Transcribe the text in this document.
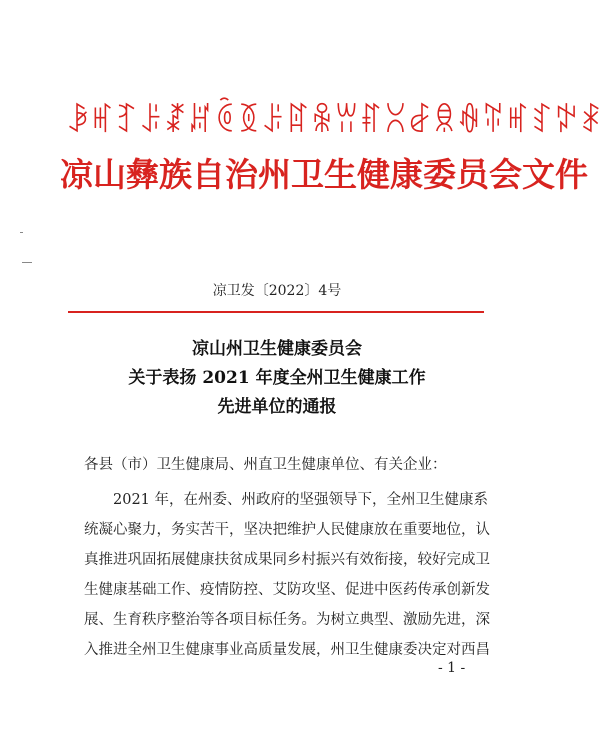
ꆃꎭꆈꌠꊨꏦꏱꅉꌠꍏꆜꀕꐥꇤꆀꌋꊿꄶꎭꆏꉢꑴ
凉山彝族自治州卫生健康委员会文件
凉卫发〔2022〕4号
凉山州卫生健康委员会
关于表扬 2021 年度全州卫生健康工作
先进单位的通报
各县（市）卫生健康局、州直卫生健康单位、有关企业：
2021 年，在州委、州政府的坚强领导下，全州卫生健康系
统凝心聚力，务实苦干，坚决把维护人民健康放在重要地位，认
真推进巩固拓展健康扶贫成果同乡村振兴有效衔接，较好完成卫
生健康基础工作、疫情防控、艾防攻坚、促进中医药传承创新发
展、生育秩序整治等各项目标任务。为树立典型、激励先进，深
入推进全州卫生健康事业高质量发展，州卫生健康委决定对西昌
- 1 -
